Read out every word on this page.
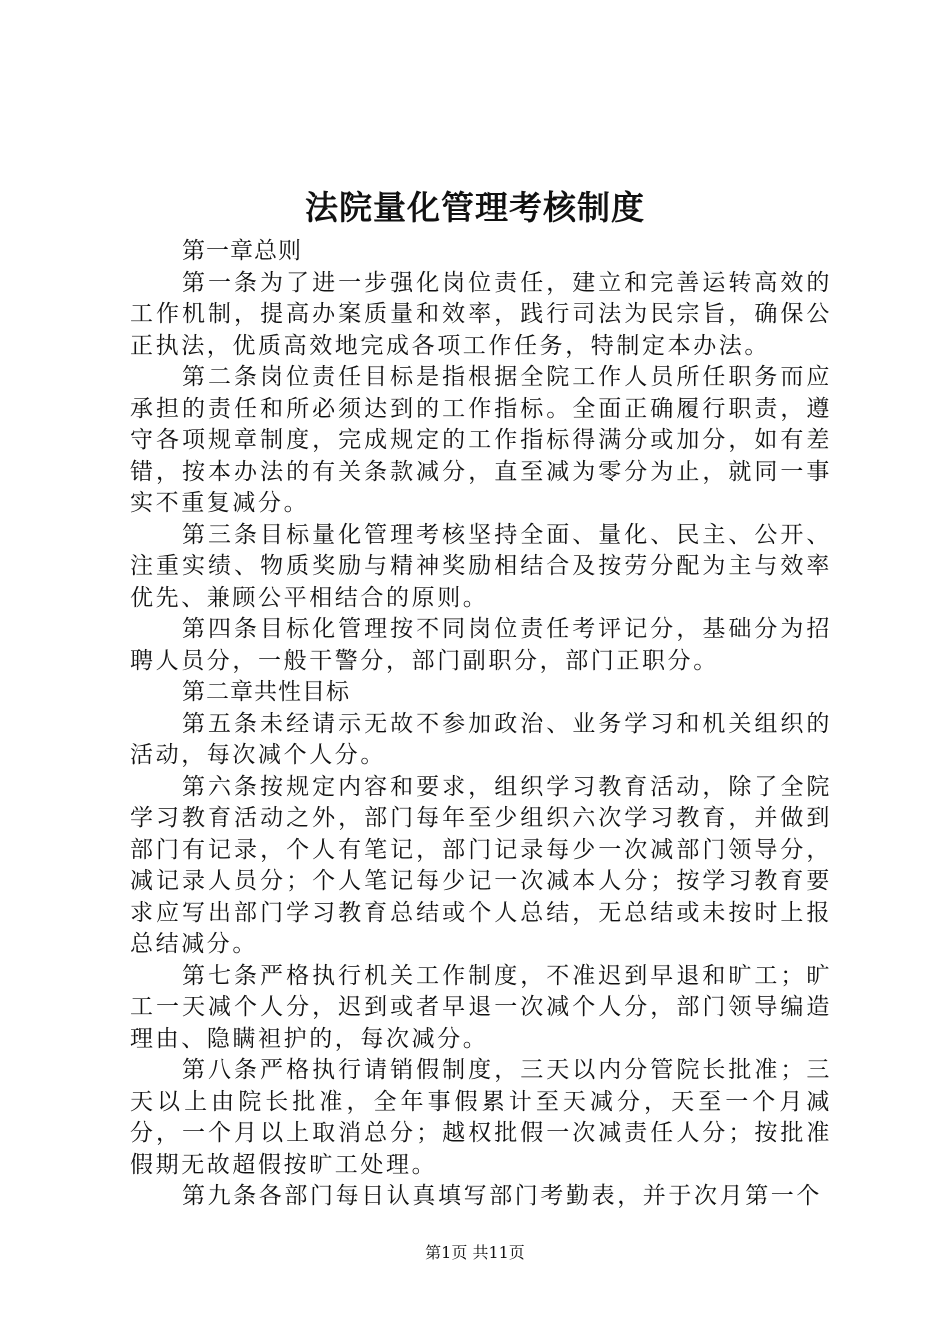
法院量化管理考核制度

第一章总则

第一条为了进一步强化岗位责任，建立和完善运转高效的工作机制，提高办案质量和效率，践行司法为民宗旨，确保公正执法，优质高效地完成各项工作任务，特制定本办法。

第二条岗位责任目标是指根据全院工作人员所任职务而应承担的责任和所必须达到的工作指标。全面正确履行职责，遵守各项规章制度，完成规定的工作指标得满分或加分，如有差错，按本办法的有关条款减分，直至减为零分为止，就同一事实不重复减分。

第三条目标量化管理考核坚持全面、量化、民主、公开、注重实绩、物质奖励与精神奖励相结合及按劳分配为主与效率优先、兼顾公平相结合的原则。

第四条目标化管理按不同岗位责任考评记分，基础分为招聘人员分，一般干警分，部门副职分，部门正职分。

第二章共性目标

第五条未经请示无故不参加政治、业务学习和机关组织的活动，每次减个人分。

第六条按规定内容和要求，组织学习教育活动，除了全院学习教育活动之外，部门每年至少组织六次学习教育，并做到部门有记录，个人有笔记，部门记录每少一次减部门领导分，减记录人员分；个人笔记每少记一次减本人分；按学习教育要求应写出部门学习教育总结或个人总结，无总结或未按时上报总结减分。

第七条严格执行机关工作制度，不准迟到早退和旷工；旷工一天减个人分，迟到或者早退一次减个人分，部门领导编造理由、隐瞒袒护的，每次减分。

第八条严格执行请销假制度，三天以内分管院长批准；三天以上由院长批准，全年事假累计至天减分，天至一个月减分，一个月以上取消总分；越权批假一次减责任人分；按批准假期无故超假按旷工处理。

第九条各部门每日认真填写部门考勤表，并于次月第一个

第1页 共11页
